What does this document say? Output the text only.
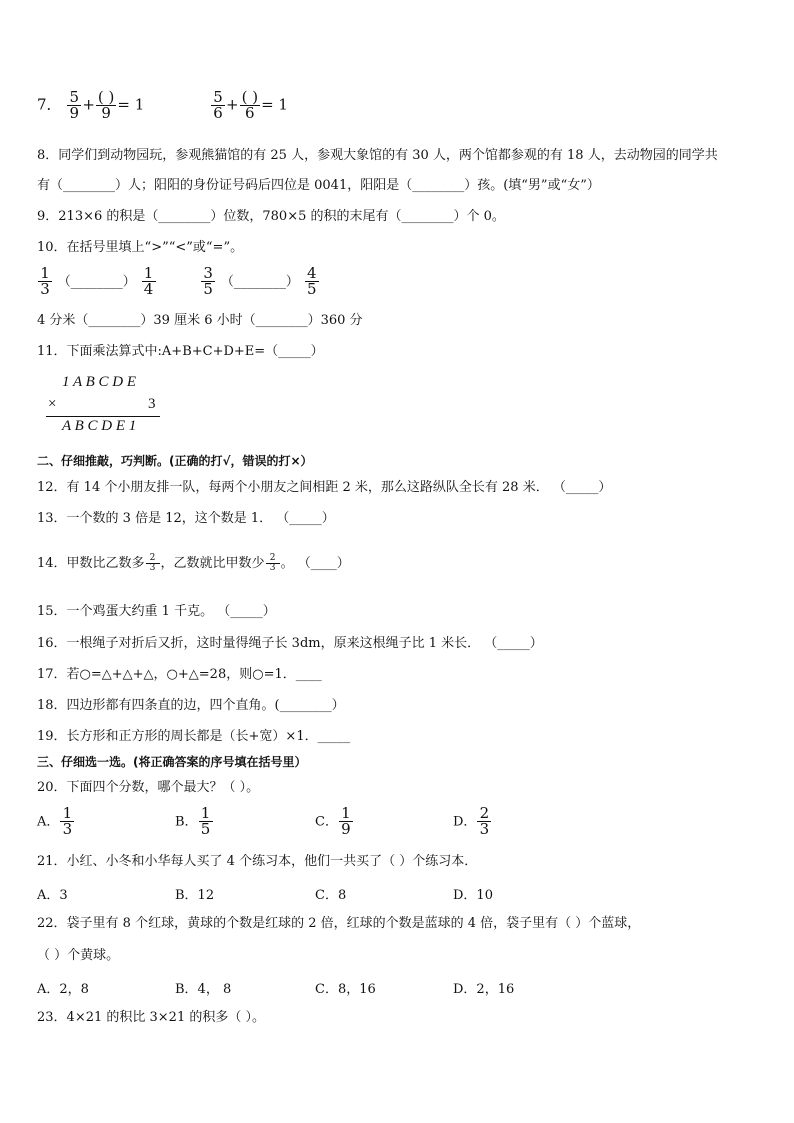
7． $\frac{5}{9} + \frac{( )}{9} = 1$	$\frac{5}{6} + \frac{( )}{6} = 1$
8．同学们到动物园玩，参观熊猫馆的有 25 人，参观大象馆的有 30 人，两个馆都参观的有 18 人，去动物园的同学共
有（________）人；阳阳的身份证号码后四位是 0041，阳阳是（________）孩。(填“男”或“女”）
9．213×6 的积是（________）位数，780×5 的积的末尾有（________）个 0。
10．在括号里填上“>”“<”或“=”。
$\frac{1}{3}$ （________） $\frac{1}{4}$
	$\frac{3}{5}$ （________） $\frac{4}{5}$
4 分米（________）39 厘米 6 小时（________）360 分
11．下面乘法算式中:A+B+C+D+E=（_____）
1 A B C D E
×	3
A B C D E 1
二、仔细推敲，巧判断。(正确的打√，错误的打×）
12．有 14 个小朋友排一队，每两个小朋友之间相距 2 米，那么这路纵队全长有 28 米． （_____）
13．一个数的 3 倍是 12，这个数是 1． （_____）
14．甲数比乙数多 $\frac{2}{3}$ ，乙数就比甲数少 $\frac{2}{3}$ 。 （____）
15．一个鸡蛋大约重 1 千克。 （_____）
16．一根绳子对折后又折，这时量得绳子长 3dm，原来这根绳子比 1 米长． （_____）
17．若○=△+△+△，○+△=28，则○=1．____
18．四边形都有四条直的边，四个直角。(________）
19．长方形和正方形的周长都是（长+宽）×1．_____
三、仔细选一选。(将正确答案的序号填在括号里）
20．下面四个分数，哪个最大？（ ）。
A． $\frac{1}{3}$	B． $\frac{1}{5}$	C． $\frac{1}{9}$	D． $\frac{2}{3}$
21．小红、小冬和小华每人买了 4 个练习本，他们一共买了（ ）个练习本．
A．3	B．12	C．8	D．10
22．袋子里有 8 个红球，黄球的个数是红球的 2 倍，红球的个数是蓝球的 4 倍，袋子里有（ ）个蓝球，
（ ）个黄球。
A．2，8	B．4， 8	C．8，16	D．2，16
23．4×21 的积比 3×21 的积多（ ）。
